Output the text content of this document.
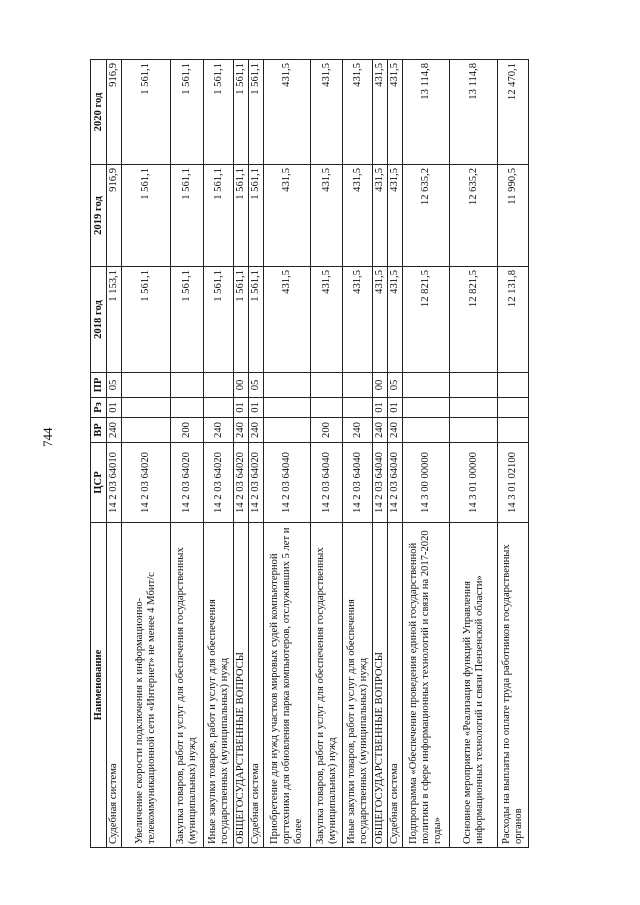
744
Наименование	ЦСР	ВР	Рз	ПР	2018 год	2019 год	2020 год
Судебная система	14 2 03 64010	240	01	05	1 153,1	916,9	916,9
Увеличение скорости подключения к информационно-телекоммуникационной сети «Интернет» не менее 4 Мбит/с	14 2 03 64020				1 561,1	1 561,1	1 561,1
Закупка товаров, работ и услуг для обеспечения государственных (муниципальных) нужд	14 2 03 64020	200			1 561,1	1 561,1	1 561,1
Иные закупки товаров, работ и услуг для обеспечения государственных (муниципальных) нужд	14 2 03 64020	240			1 561,1	1 561,1	1 561,1
ОБЩЕГОСУДАРСТВЕННЫЕ ВОПРОСЫ	14 2 03 64020	240	01	00	1 561,1	1 561,1	1 561,1
Судебная система	14 2 03 64020	240	01	05	1 561,1	1 561,1	1 561,1
Приобретение для нужд участков мировых судей компьютерной оргтехники для обновления парка компьютеров, отслуживших 5 лет и более	14 2 03 64040				431,5	431,5	431,5
Закупка товаров, работ и услуг для обеспечения государственных (муниципальных) нужд	14 2 03 64040	200			431,5	431,5	431,5
Иные закупки товаров, работ и услуг для обеспечения государственных (муниципальных) нужд	14 2 03 64040	240			431,5	431,5	431,5
ОБЩЕГОСУДАРСТВЕННЫЕ ВОПРОСЫ	14 2 03 64040	240	01	00	431,5	431,5	431,5
Судебная система	14 2 03 64040	240	01	05	431,5	431,5	431,5
Подпрограмма «Обеспечение проведения единой государственной политики в сфере информационных технологий и связи на 2017-2020 годы»	14 3 00 00000				12 821,5	12 635,2	13 114,8
Основное мероприятие «Реализация функций Управления информационных технологий и связи Пензенской области»	14 3 01 00000				12 821,5	12 635,2	13 114,8
Расходы на выплаты по оплате труда работников государственных органов	14 3 01 02100				12 131,8	11 990,5	12 470,1
